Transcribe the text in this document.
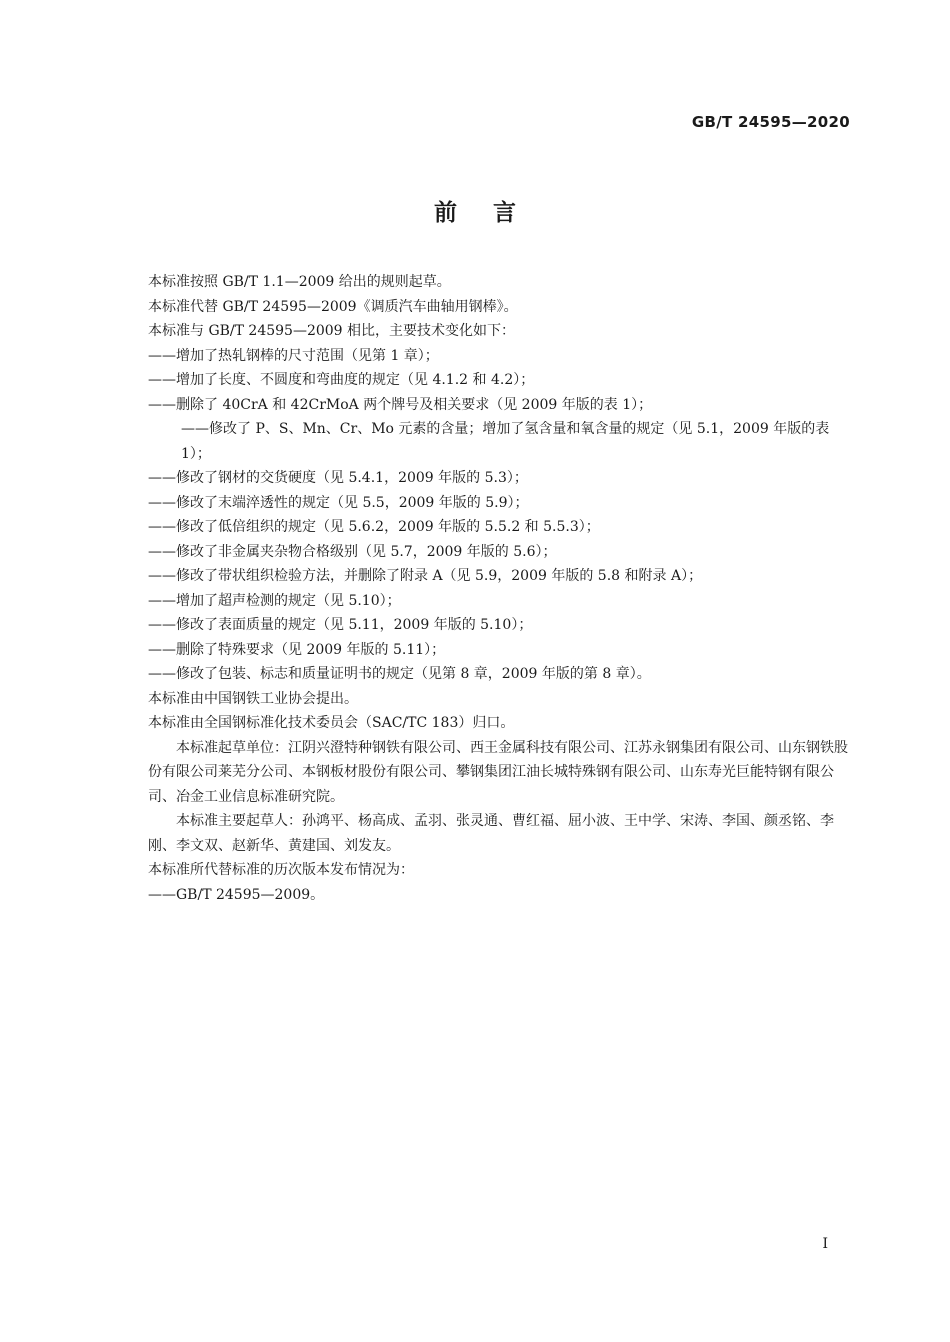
GB/T 24595—2020
前言

本标准按照 GB/T 1.1—2009 给出的规则起草。

本标准代替 GB/T 24595—2009《调质汽车曲轴用钢棒》。

本标准与 GB/T 24595—2009 相比，主要技术变化如下：

——增加了热轧钢棒的尺寸范围（见第 1 章）；

——增加了长度、不圆度和弯曲度的规定（见 4.1.2 和 4.2）；

——删除了 40CrA 和 42CrMoA 两个牌号及相关要求（见 2009 年版的表 1）；

——修改了 P、S、Mn、Cr、Mo 元素的含量；增加了氢含量和氧含量的规定（见 5.1，2009 年版的表 1）；

——修改了钢材的交货硬度（见 5.4.1，2009 年版的 5.3）；

——修改了末端淬透性的规定（见 5.5，2009 年版的 5.9）；

——修改了低倍组织的规定（见 5.6.2，2009 年版的 5.5.2 和 5.5.3）；

——修改了非金属夹杂物合格级别（见 5.7，2009 年版的 5.6）；

——修改了带状组织检验方法，并删除了附录 A（见 5.9，2009 年版的 5.8 和附录 A）；

——增加了超声检测的规定（见 5.10）；

——修改了表面质量的规定（见 5.11，2009 年版的 5.10）；

——删除了特殊要求（见 2009 年版的 5.11）；

——修改了包装、标志和质量证明书的规定（见第 8 章，2009 年版的第 8 章）。

本标准由中国钢铁工业协会提出。

本标准由全国钢标准化技术委员会（SAC/TC 183）归口。

本标准起草单位：江阴兴澄特种钢铁有限公司、西王金属科技有限公司、江苏永钢集团有限公司、山东钢铁股份有限公司莱芜分公司、本钢板材股份有限公司、攀钢集团江油长城特殊钢有限公司、山东寿光巨能特钢有限公司、冶金工业信息标准研究院。

本标准主要起草人：孙鸿平、杨高成、孟羽、张灵通、曹红福、屈小波、王中学、宋涛、李国、颜丞铭、李刚、李文双、赵新华、黄建国、刘发友。

本标准所代替标准的历次版本发布情况为：

——GB/T 24595—2009。

I
